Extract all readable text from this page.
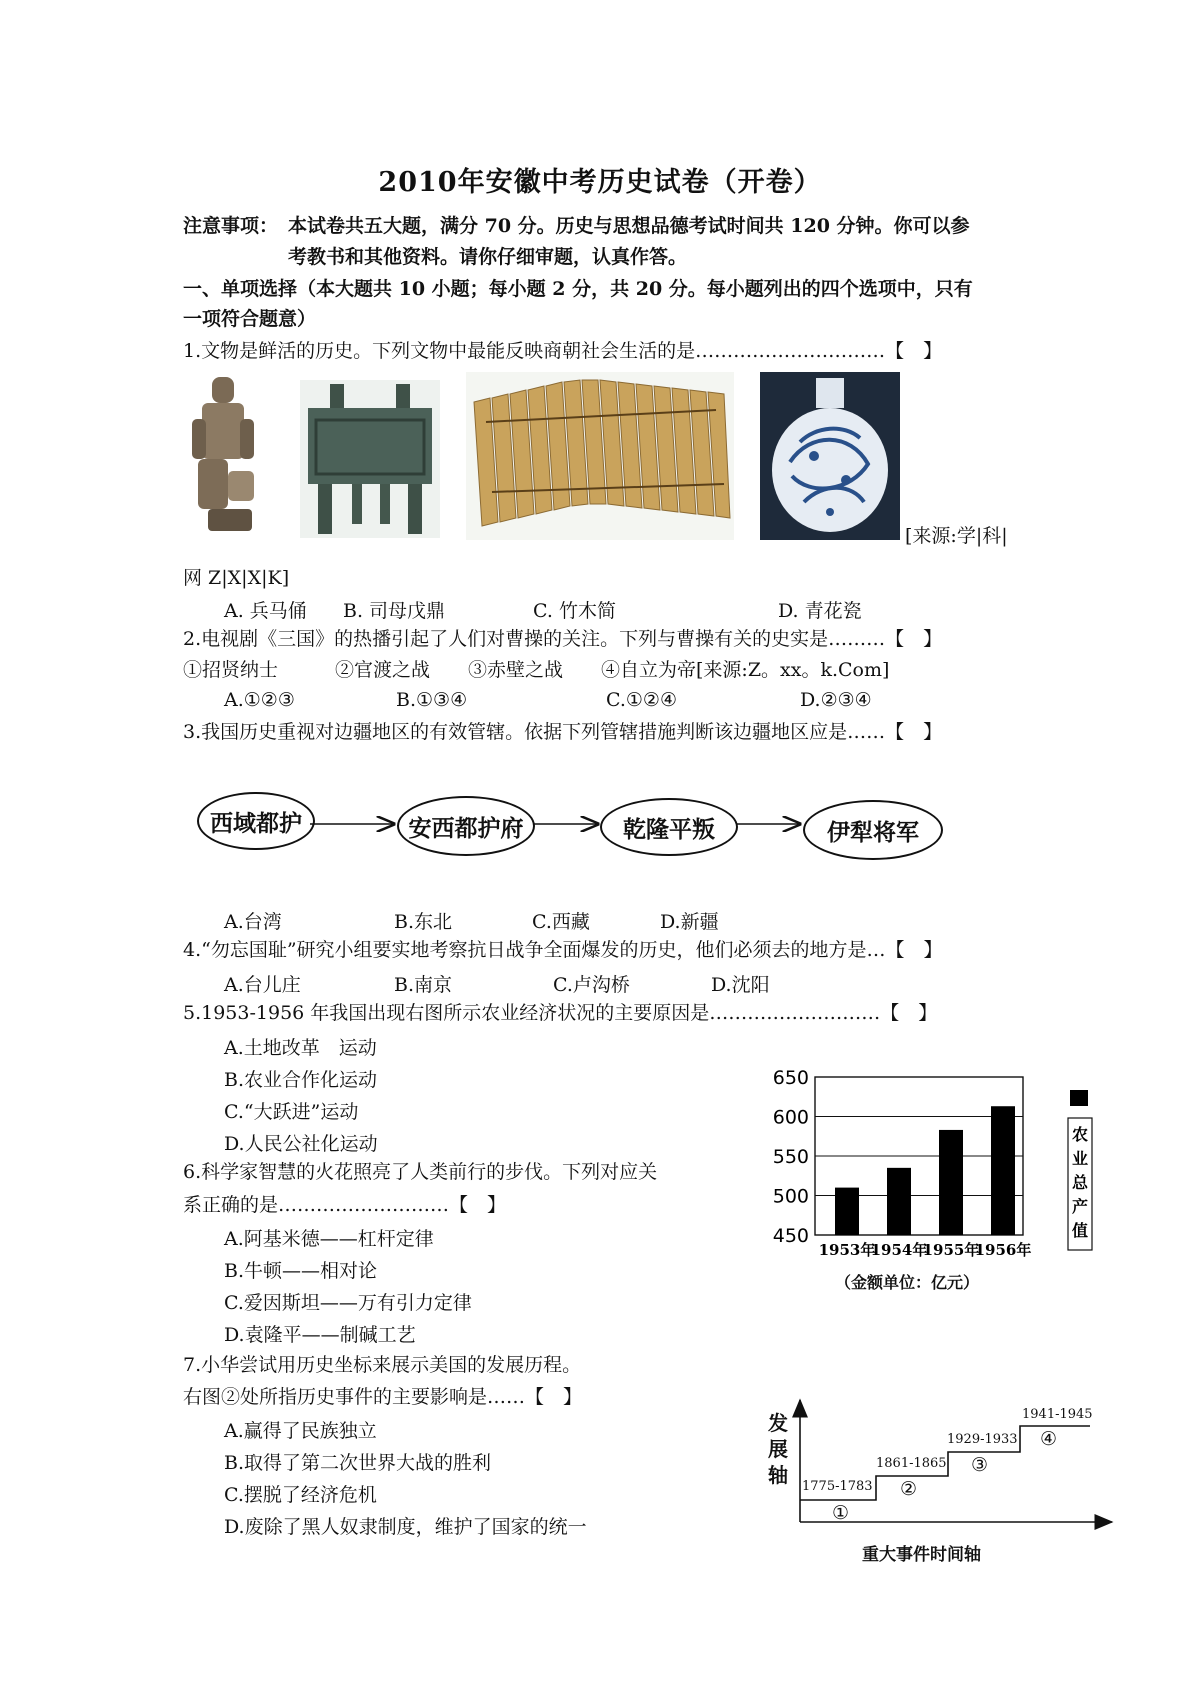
2010年安徽中考历史试卷（开卷）
注意事项： 本试卷共五大题，满分 70 分。历史与思想品德考试时间共 120 分钟。你可以参
考教书和其他资料。请你仔细审题，认真作答。
一、单项选择（本大题共 10 小题；每小题 2 分，共 20 分。每小题列出的四个选项中，只有
一项符合题意）
1.文物是鲜活的历史。下列文物中最能反映商朝社会生活的是…………………………【　】
[来源:学|科|
网 Z|X|X|K]
A. 兵马俑 B. 司母戊鼎	C. 竹木简	D. 青花瓷
2.电视剧《三国》的热播引起了人们对曹操的关注。下列与曹操有关的史实是………【　】
①招贤纳士　　　②官渡之战　　③赤壁之战　　④自立为帝[来源:Z。xx。k.Com]
A.①②③	B.①③④	C.①②④	D.②③④
3.我国历史重视对边疆地区的有效管辖。依据下列管辖措施判断该边疆地区应是……【　】
西域都护	安西都护府	乾隆平叛	伊犁将军
A.台湾	B.东北	C.西藏	D.新疆
4.“勿忘国耻”研究小组要实地考察抗日战争全面爆发的历史，他们必须去的地方是…【　】
A.台儿庄	B.南京	C.卢沟桥	D.沈阳
5.1953-1956 年我国出现右图所示农业经济状况的主要原因是………………………【　】
A.土地改革　运动
B.农业合作化运动
C.“大跃进”运动
D.人民公社化运动
650
600
550
500
450
1953年
1954年
1955年
1956年
农
业
总
产
值
（金额单位：亿元）
6.科学家智慧的火花照亮了人类前行的步伐。下列对应关
系正确的是………………………【　】
A.阿基米德——杠杆定律
B.牛顿——相对论
C.爱因斯坦——万有引力定律
D.袁隆平——制碱工艺
7.小华尝试用历史坐标来展示美国的发展历程。
右图②处所指历史事件的主要影响是……【　】
A.赢得了民族独立
B.取得了第二次世界大战的胜利
C.摆脱了经济危机
D.废除了黑人奴隶制度，维护了国家的统一
发
展
轴	1775-1783
①
1861-1865
②
1929-1933
③
1941-1945
④
重大事件时间轴
